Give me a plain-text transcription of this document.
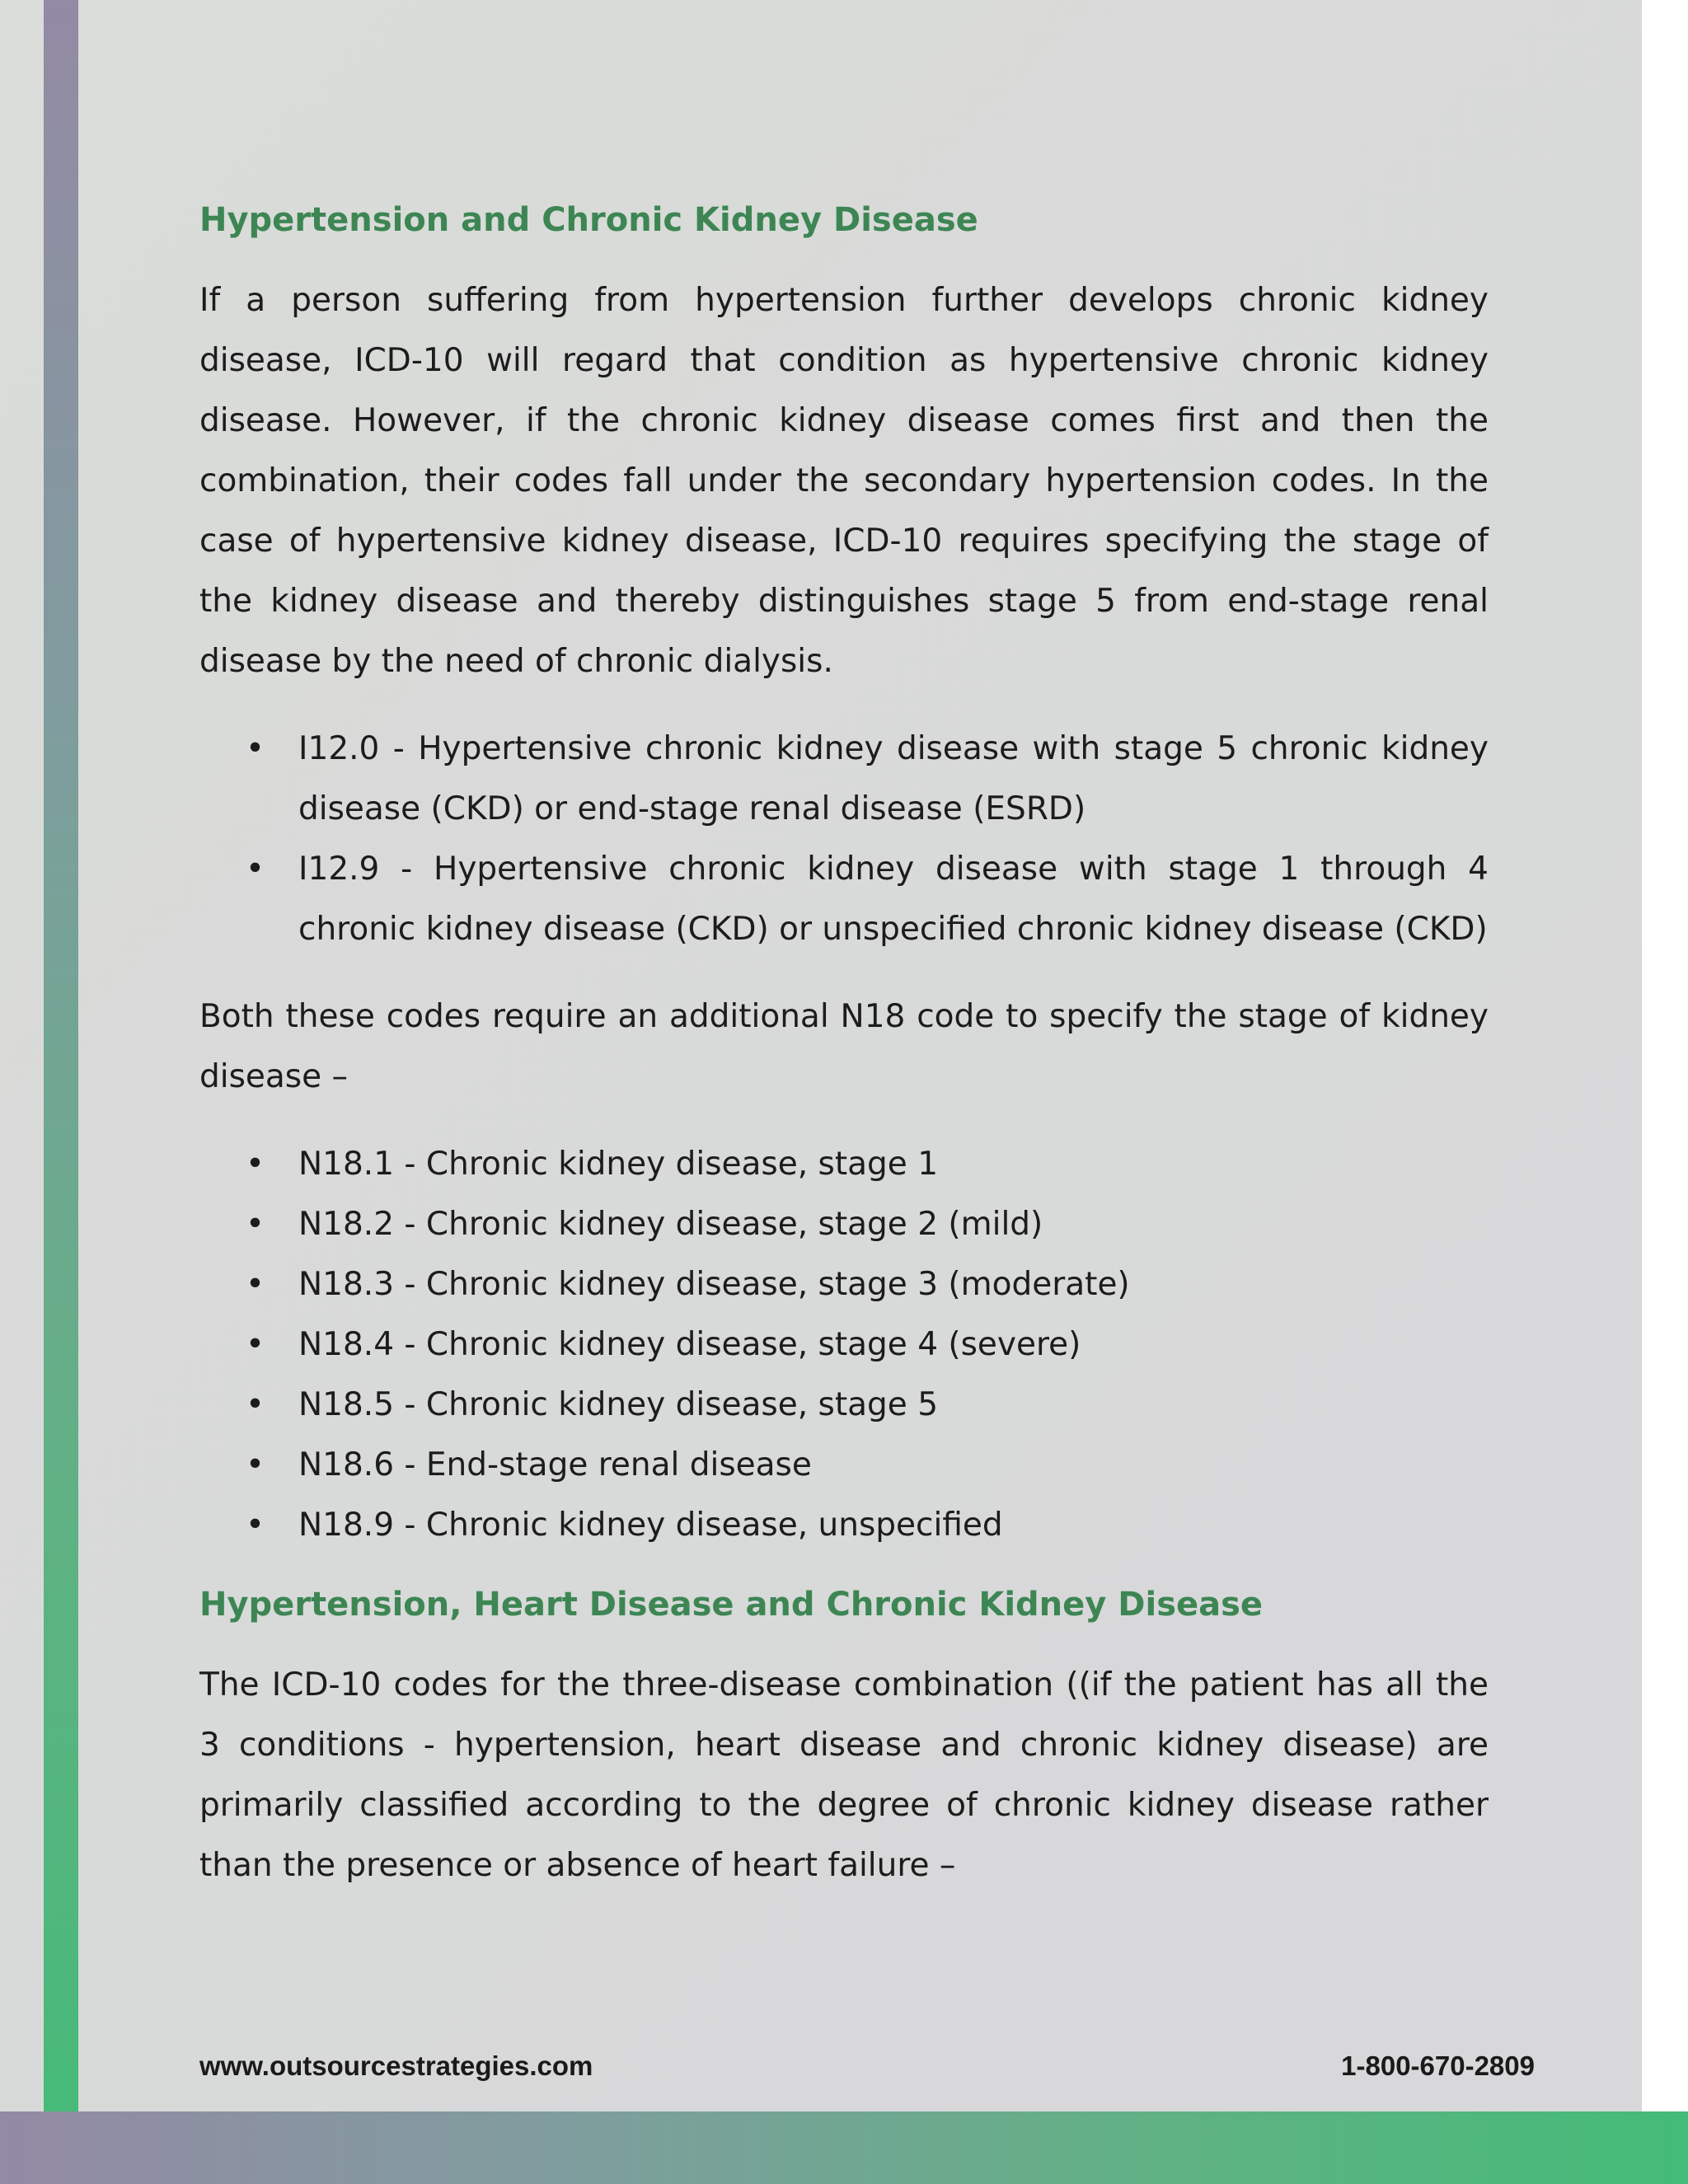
Hypertension and Chronic Kidney Disease

If a person suffering from hypertension further develops chronic kidney disease, ICD-10 will regard that condition as hypertensive chronic kidney disease. However, if the chronic kidney disease comes first and then the combination, their codes fall under the secondary hypertension codes. In the case of hypertensive kidney disease, ICD-10 requires specifying the stage of the kidney disease and thereby distinguishes stage 5 from end-stage renal disease by the need of chronic dialysis.

• I12.0 - Hypertensive chronic kidney disease with stage 5 chronic kidney disease (CKD) or end-stage renal disease (ESRD)
• I12.9 - Hypertensive chronic kidney disease with stage 1 through 4 chronic kidney disease (CKD) or unspecified chronic kidney disease (CKD)

Both these codes require an additional N18 code to specify the stage of kidney disease –

• N18.1 - Chronic kidney disease, stage 1
• N18.2 - Chronic kidney disease, stage 2 (mild)
• N18.3 - Chronic kidney disease, stage 3 (moderate)
• N18.4 - Chronic kidney disease, stage 4 (severe)
• N18.5 - Chronic kidney disease, stage 5
• N18.6 - End-stage renal disease
• N18.9 - Chronic kidney disease, unspecified
Hypertension, Heart Disease and Chronic Kidney Disease

The ICD-10 codes for the three-disease combination ((if the patient has all the 3 conditions - hypertension, heart disease and chronic kidney disease) are primarily classified according to the degree of chronic kidney disease rather than the presence or absence of heart failure –

www.outsourcestrategies.com	1-800-670-2809
